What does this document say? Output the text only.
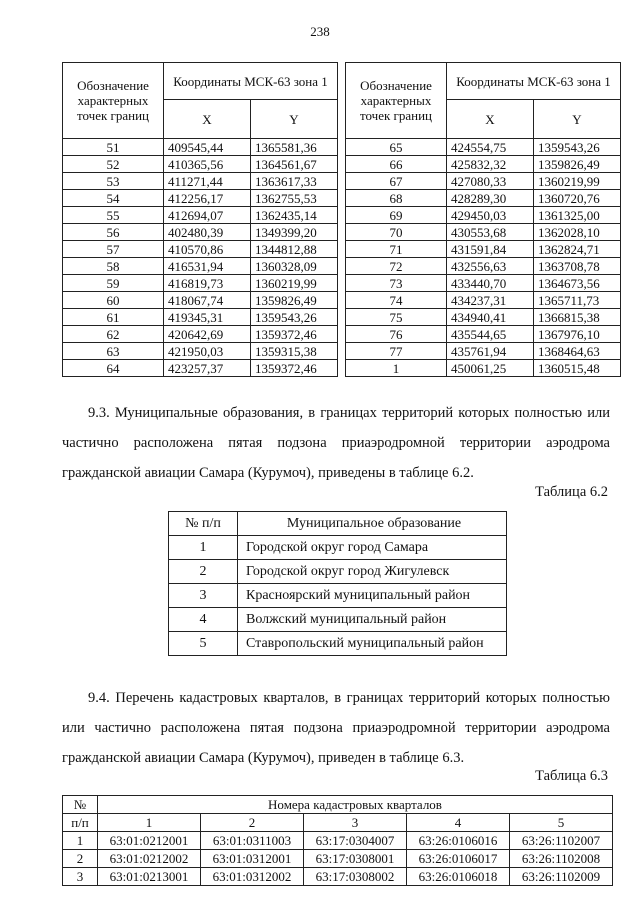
238
Обозначение характерных точек границ	Координаты МСК-63 зона 1	
	X	Y
51	409545,44	1365581,36
52	410365,56	1364561,67
53	411271,44	1363617,33
54	412256,17	1362755,53
55	412694,07	1362435,14
56	402480,39	1349399,20
57	410570,86	1344812,88
58	416531,94	1360328,09
59	416819,73	1360219,99
60	418067,74	1359826,49
61	419345,31	1359543,26
62	420642,69	1359372,46
63	421950,03	1359315,38
64	423257,37	1359372,46
Обозначение характерных точек границ	Координаты МСК-63 зона 1	
	X	Y
65	424554,75	1359543,26
66	425832,32	1359826,49
67	427080,33	1360219,99
68	428289,30	1360720,76
69	429450,03	1361325,00
70	430553,68	1362028,10
71	431591,84	1362824,71
72	432556,63	1363708,78
73	433440,70	1364673,56
74	434237,31	1365711,73
75	434940,41	1366815,38
76	435544,65	1367976,10
77	435761,94	1368464,63
1	450061,25	1360515,48
9.3. Муниципальные образования, в границах территорий которых полностью или частично расположена пятая подзона приаэродромной территории аэродрома гражданской авиации Самара (Курумоч), приведены в таблице 6.2.
Таблица 6.2
№ п/п	Муниципальное образование
1	Городской округ город Самара
2	Городской округ город Жигулевск
3	Красноярский муниципальный район
4	Волжский муниципальный район
5	Ставропольский муниципальный район
9.4. Перечень кадастровых кварталов, в границах территорий которых полностью или частично расположена пятая подзона приаэродромной территории аэродрома гражданской авиации Самара (Курумоч), приведен в таблице 6.3.
Таблица 6.3
№	Номера кадастровых кварталов				
п/п	1	2	3	4	5
1	63:01:0212001	63:01:0311003	63:17:0304007	63:26:0106016	63:26:1102007
2	63:01:0212002	63:01:0312001	63:17:0308001	63:26:0106017	63:26:1102008
3	63:01:0213001	63:01:0312002	63:17:0308002	63:26:0106018	63:26:1102009
